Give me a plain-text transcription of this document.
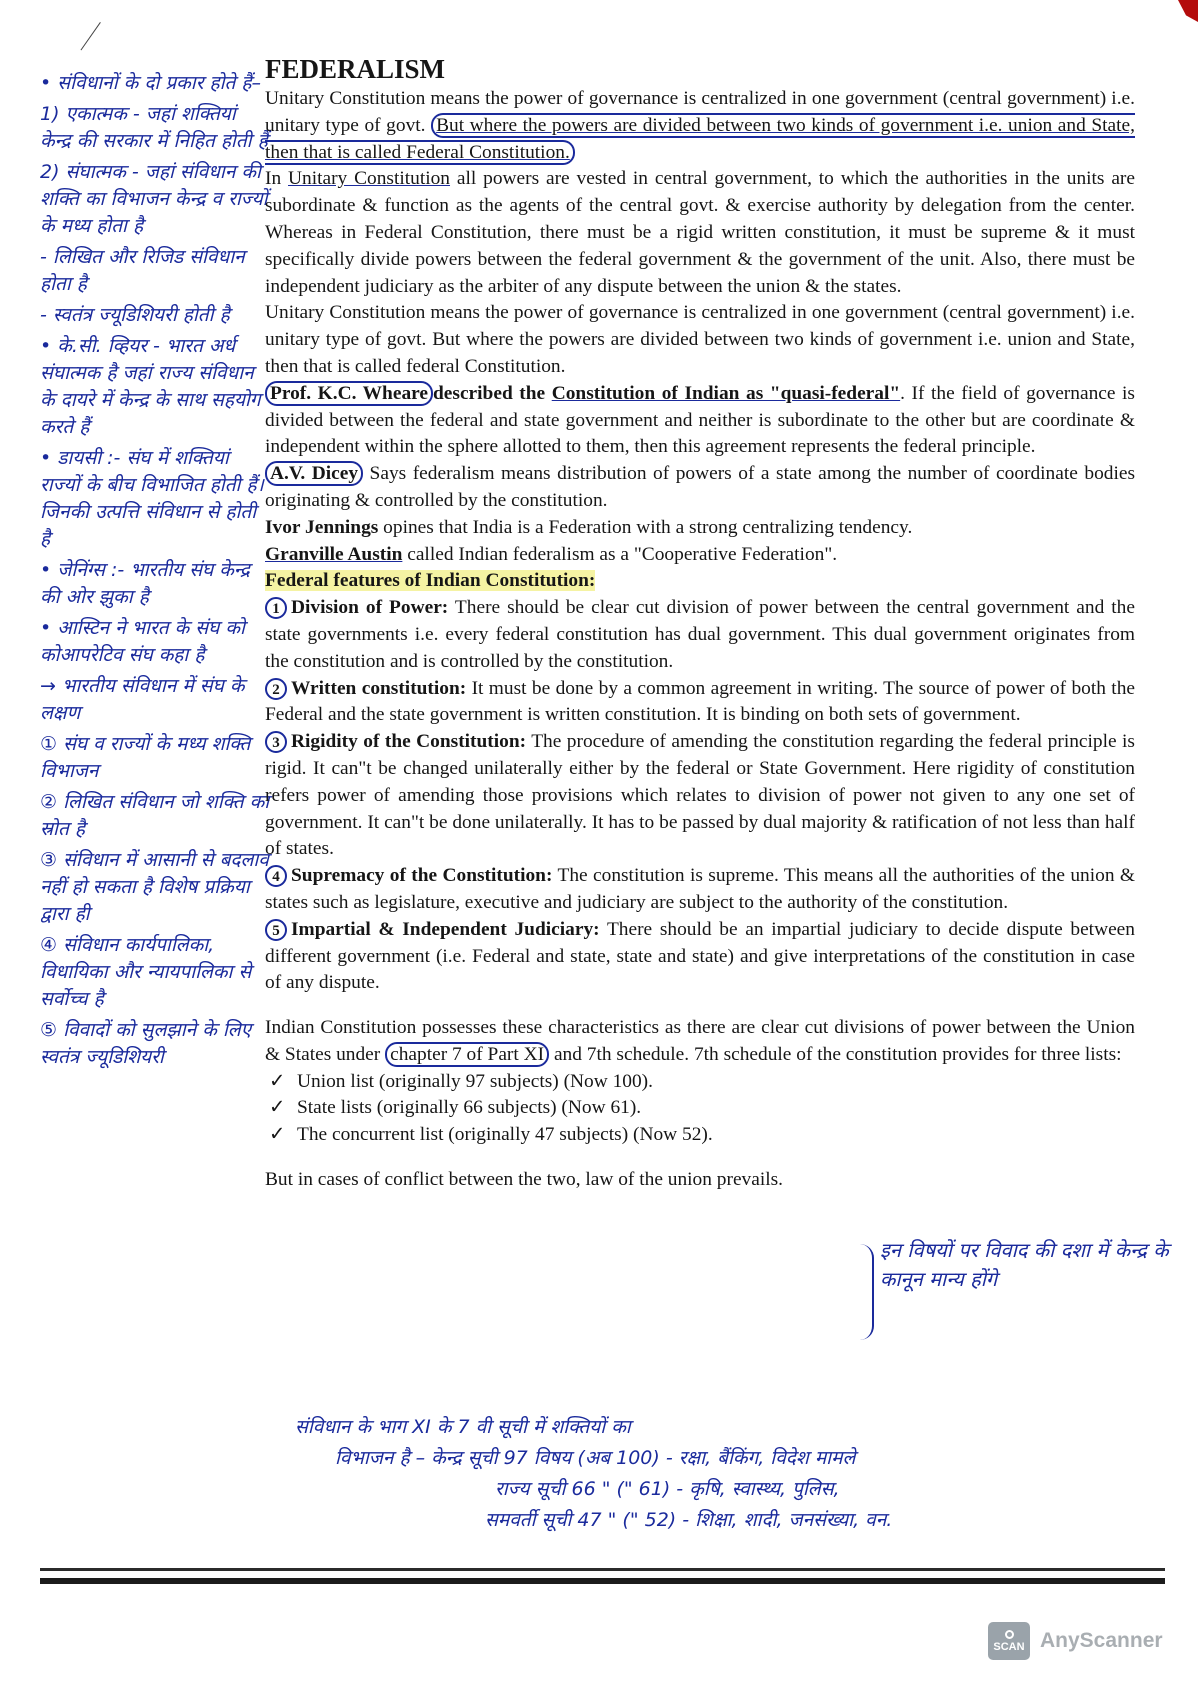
• संविधानों के दो प्रकार होते हैं–
1) एकात्मक - जहां शक्तियां केन्द्र की सरकार में निहित होती हैं
2) संघात्मक - जहां संविधान की शक्ति का विभाजन केन्द्र व राज्यों के मध्य होता है
- लिखित और रिजिड संविधान होता है
- स्वतंत्र ज्यूडिशियरी होती है
• के.सी. व्हियर - भारत अर्ध संघात्मक है जहां राज्य संविधान के दायरे में केन्द्र के साथ सहयोग करते हैं
• डायसी :- संघ में शक्तियां राज्यों के बीच विभाजित होती हैं। जिनकी उत्पत्ति संविधान से होती है
• जेनिंग्स :- भारतीय संघ केन्द्र की ओर झुका है
• आस्टिन ने भारत के संघ को कोआपरेटिव संघ कहा है
→ भारतीय संविधान में संघ के लक्षण
① संघ व राज्यों के मध्य शक्ति विभाजन
② लिखित संविधान जो शक्ति का स्रोत है
③ संविधान में आसानी से बदलाव नहीं हो सकता है विशेष प्रक्रिया द्वारा ही
④ संविधान कार्यपालिका, विधायिका और न्यायपालिका से सर्वोच्च है
⑤ विवादों को सुलझाने के लिए स्वतंत्र ज्यूडिशियरी

FEDERALISM

Unitary Constitution means the power of governance is centralized in one government (central government) i.e. unitary type of govt. But where the powers are divided between two kinds of government i.e. union and State, then that is called Federal Constitution.

In Unitary Constitution all powers are vested in central government, to which the authorities in the units are subordinate & function as the agents of the central govt. & exercise authority by delegation from the center. Whereas in Federal Constitution, there must be a rigid written constitution, it must be supreme & it must specifically divide powers between the federal government & the government of the unit. Also, there must be independent judiciary as the arbiter of any dispute between the union & the states.

Unitary Constitution means the power of governance is centralized in one government (central government) i.e. unitary type of govt. But where the powers are divided between two kinds of government i.e. union and State, then that is called federal Constitution.

Prof. K.C. Wheare described the Constitution of Indian as "quasi-federal". If the field of governance is divided between the federal and state government and neither is subordinate to the other but are coordinate & independent within the sphere allotted to them, then this agreement represents the federal principle.

A.V. Dicey Says federalism means distribution of powers of a state among the number of coordinate bodies originating & controlled by the constitution.

Ivor Jennings opines that India is a Federation with a strong centralizing tendency.

Granville Austin called Indian federalism as a "Cooperative Federation".

Federal features of Indian Constitution:

1 Division of Power: There should be clear cut division of power between the central government and the state governments i.e. every federal constitution has dual government. This dual government originates from the constitution and is controlled by the constitution.

2 Written constitution: It must be done by a common agreement in writing. The source of power of both the Federal and the state government is written constitution. It is binding on both sets of government.

3 Rigidity of the Constitution: The procedure of amending the constitution regarding the federal principle is rigid. It can"t be changed unilaterally either by the federal or State Government. Here rigidity of constitution refers power of amending those provisions which relates to division of power not given to any one set of government. It can"t be done unilaterally. It has to be passed by dual majority & ratification of not less than half of states.

4 Supremacy of the Constitution: The constitution is supreme. This means all the authorities of the union & states such as legislature, executive and judiciary are subject to the authority of the constitution.

5 Impartial & Independent Judiciary: There should be an impartial judiciary to decide dispute between different government (i.e. Federal and state, state and state) and give interpretations of the constitution in case of any dispute.

Indian Constitution possesses these characteristics as there are clear cut divisions of power between the Union & States under chapter 7 of Part XI and 7th schedule. 7th schedule of the constitution provides for three lists:

✓ Union list (originally 97 subjects) (Now 100).
✓ State lists (originally 66 subjects) (Now 61).
✓ The concurrent list (originally 47 subjects) (Now 52).

But in cases of conflict between the two, law of the union prevails.

इन विषयों पर विवाद की दशा में केन्द्र के कानून मान्य होंगे
संविधान के भाग XI के 7 वी सूची में शक्तियों का
विभाजन है – केन्द्र सूची 97 विषय (अब 100) - रक्षा, बैंकिंग, विदेश मामले
राज्य सूची 66 " (" 61) - कृषि, स्वास्थ्य, पुलिस,
समवर्ती सूची 47 " (" 52) - शिक्षा, शादी, जनसंख्या, वन.
SCAN AnyScanner
